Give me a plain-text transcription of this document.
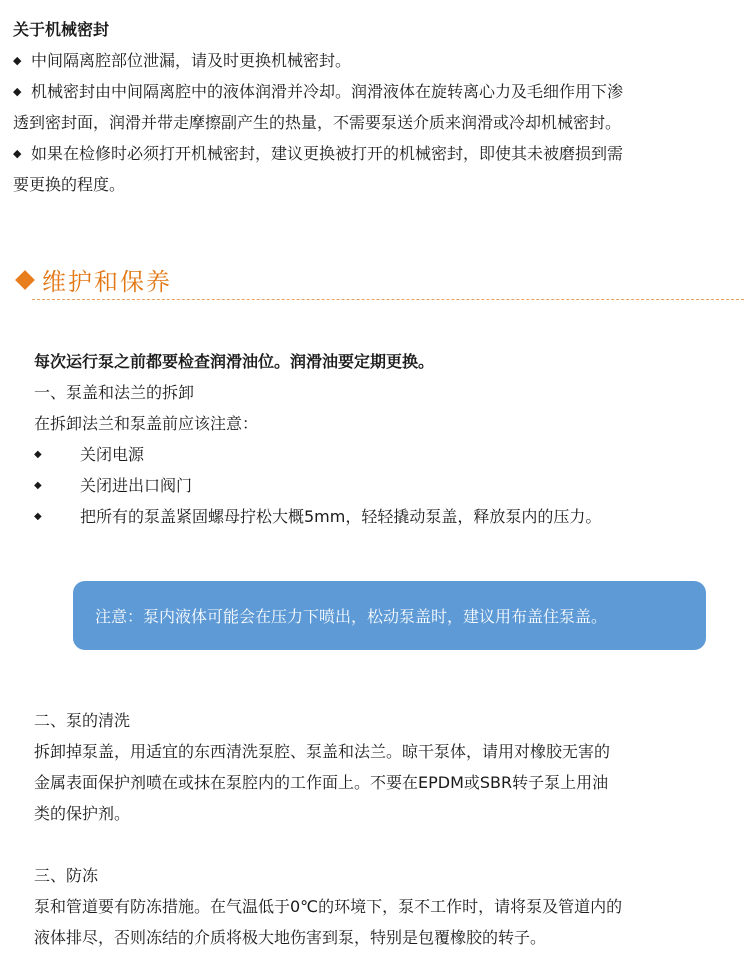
关于机械密封
◆ 中间隔离腔部位泄漏，请及时更换机械密封。
◆ 机械密封由中间隔离腔中的液体润滑并冷却。润滑液体在旋转离心力及毛细作用下渗
透到密封面，润滑并带走摩擦副产生的热量，不需要泵送介质来润滑或冷却机械密封。
◆ 如果在检修时必须打开机械密封，建议更换被打开的机械密封，即使其未被磨损到需
要更换的程度。
维护和保养
每次运行泵之前都要检查润滑油位。润滑油要定期更换。
一、泵盖和法兰的拆卸
在拆卸法兰和泵盖前应该注意：
◆	关闭电源
◆	关闭进出口阀门
◆	把所有的泵盖紧固螺母拧松大概5mm，轻轻撬动泵盖，释放泵内的压力。
注意：泵内液体可能会在压力下喷出，松动泵盖时，建议用布盖住泵盖。
二、泵的清洗
拆卸掉泵盖，用适宜的东西清洗泵腔、泵盖和法兰。晾干泵体，请用对橡胶无害的
金属表面保护剂喷在或抹在泵腔内的工作面上。不要在EPDM或SBR转子泵上用油
类的保护剂。
三、防冻
泵和管道要有防冻措施。在气温低于0℃的环境下，泵不工作时，请将泵及管道内的
液体排尽，否则冻结的介质将极大地伤害到泵，特别是包覆橡胶的转子。
